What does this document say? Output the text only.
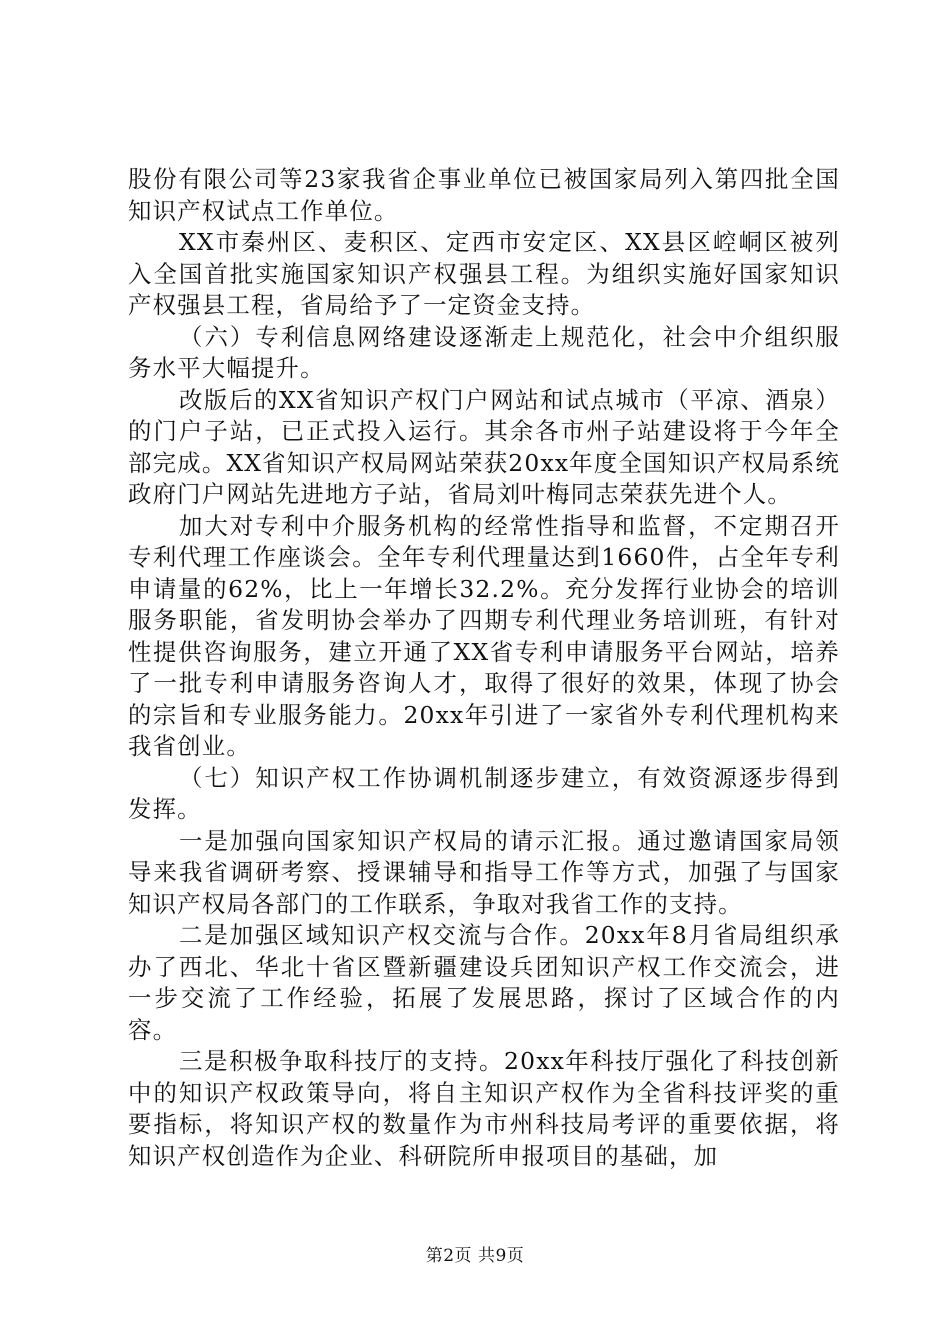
股份有限公司等23家我省企事业单位已被国家局列入第四批全国知识产权试点工作单位。

XX市秦州区、麦积区、定西市安定区、XX县区崆峒区被列入全国首批实施国家知识产权强县工程。为组织实施好国家知识产权强县工程，省局给予了一定资金支持。

（六）专利信息网络建设逐渐走上规范化，社会中介组织服务水平大幅提升。

改版后的XX省知识产权门户网站和试点城市（平凉、酒泉）的门户子站，已正式投入运行。其余各市州子站建设将于今年全部完成。XX省知识产权局网站荣获20xx年度全国知识产权局系统政府门户网站先进地方子站，省局刘叶梅同志荣获先进个人。

加大对专利中介服务机构的经常性指导和监督，不定期召开专利代理工作座谈会。全年专利代理量达到1660件，占全年专利申请量的62%，比上一年增长32.2%。充分发挥行业协会的培训服务职能，省发明协会举办了四期专利代理业务培训班，有针对性提供咨询服务，建立开通了XX省专利申请服务平台网站，培养了一批专利申请服务咨询人才，取得了很好的效果，体现了协会的宗旨和专业服务能力。20xx年引进了一家省外专利代理机构来我省创业。

（七）知识产权工作协调机制逐步建立，有效资源逐步得到发挥。

一是加强向国家知识产权局的请示汇报。通过邀请国家局领导来我省调研考察、授课辅导和指导工作等方式，加强了与国家知识产权局各部门的工作联系，争取对我省工作的支持。

二是加强区域知识产权交流与合作。20xx年8月省局组织承办了西北、华北十省区暨新疆建设兵团知识产权工作交流会，进一步交流了工作经验，拓展了发展思路，探讨了区域合作的内容。

三是积极争取科技厅的支持。20xx年科技厅强化了科技创新中的知识产权政策导向，将自主知识产权作为全省科技评奖的重要指标，将知识产权的数量作为市州科技局考评的重要依据，将知识产权创造作为企业、科研院所申报项目的基础，加

第2页 共9页
